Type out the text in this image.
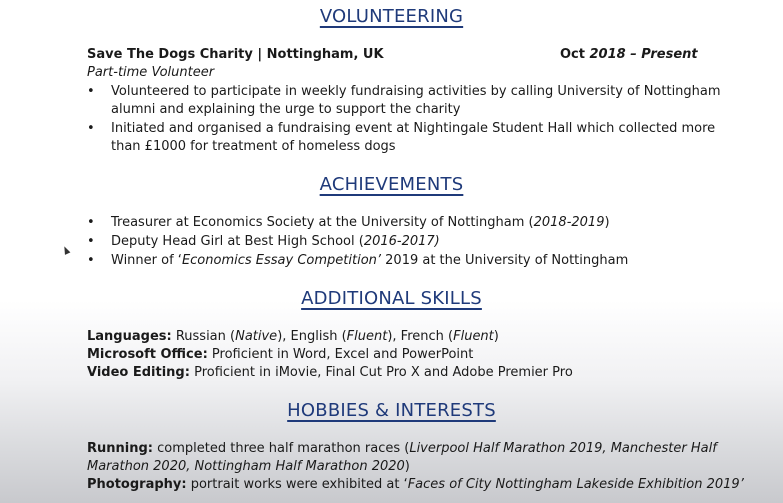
VOLUNTEERING
Save The Dogs Charity | Nottingham, UK	Oct 2018 – Present
Part-time Volunteer
• Volunteered to participate in weekly fundraising activities by calling University of Nottingham
alumni and explaining the urge to support the charity
• Initiated and organised a fundraising event at Nightingale Student Hall which collected more
than £1000 for treatment of homeless dogs
ACHIEVEMENTS
• Treasurer at Economics Society at the University of Nottingham (2018-2019)
• Deputy Head Girl at Best High School (2016-2017)
• Winner of ‘Economics Essay Competition’ 2019 at the University of Nottingham
ADDITIONAL SKILLS
Languages: Russian (Native), English (Fluent), French (Fluent)
Microsoft Office: Proficient in Word, Excel and PowerPoint
Video Editing: Proficient in iMovie, Final Cut Pro X and Adobe Premier Pro
HOBBIES & INTERESTS
Running: completed three half marathon races (Liverpool Half Marathon 2019, Manchester Half
Marathon 2020, Nottingham Half Marathon 2020)
Photography: portrait works were exhibited at ‘Faces of City Nottingham Lakeside Exhibition 2019’
